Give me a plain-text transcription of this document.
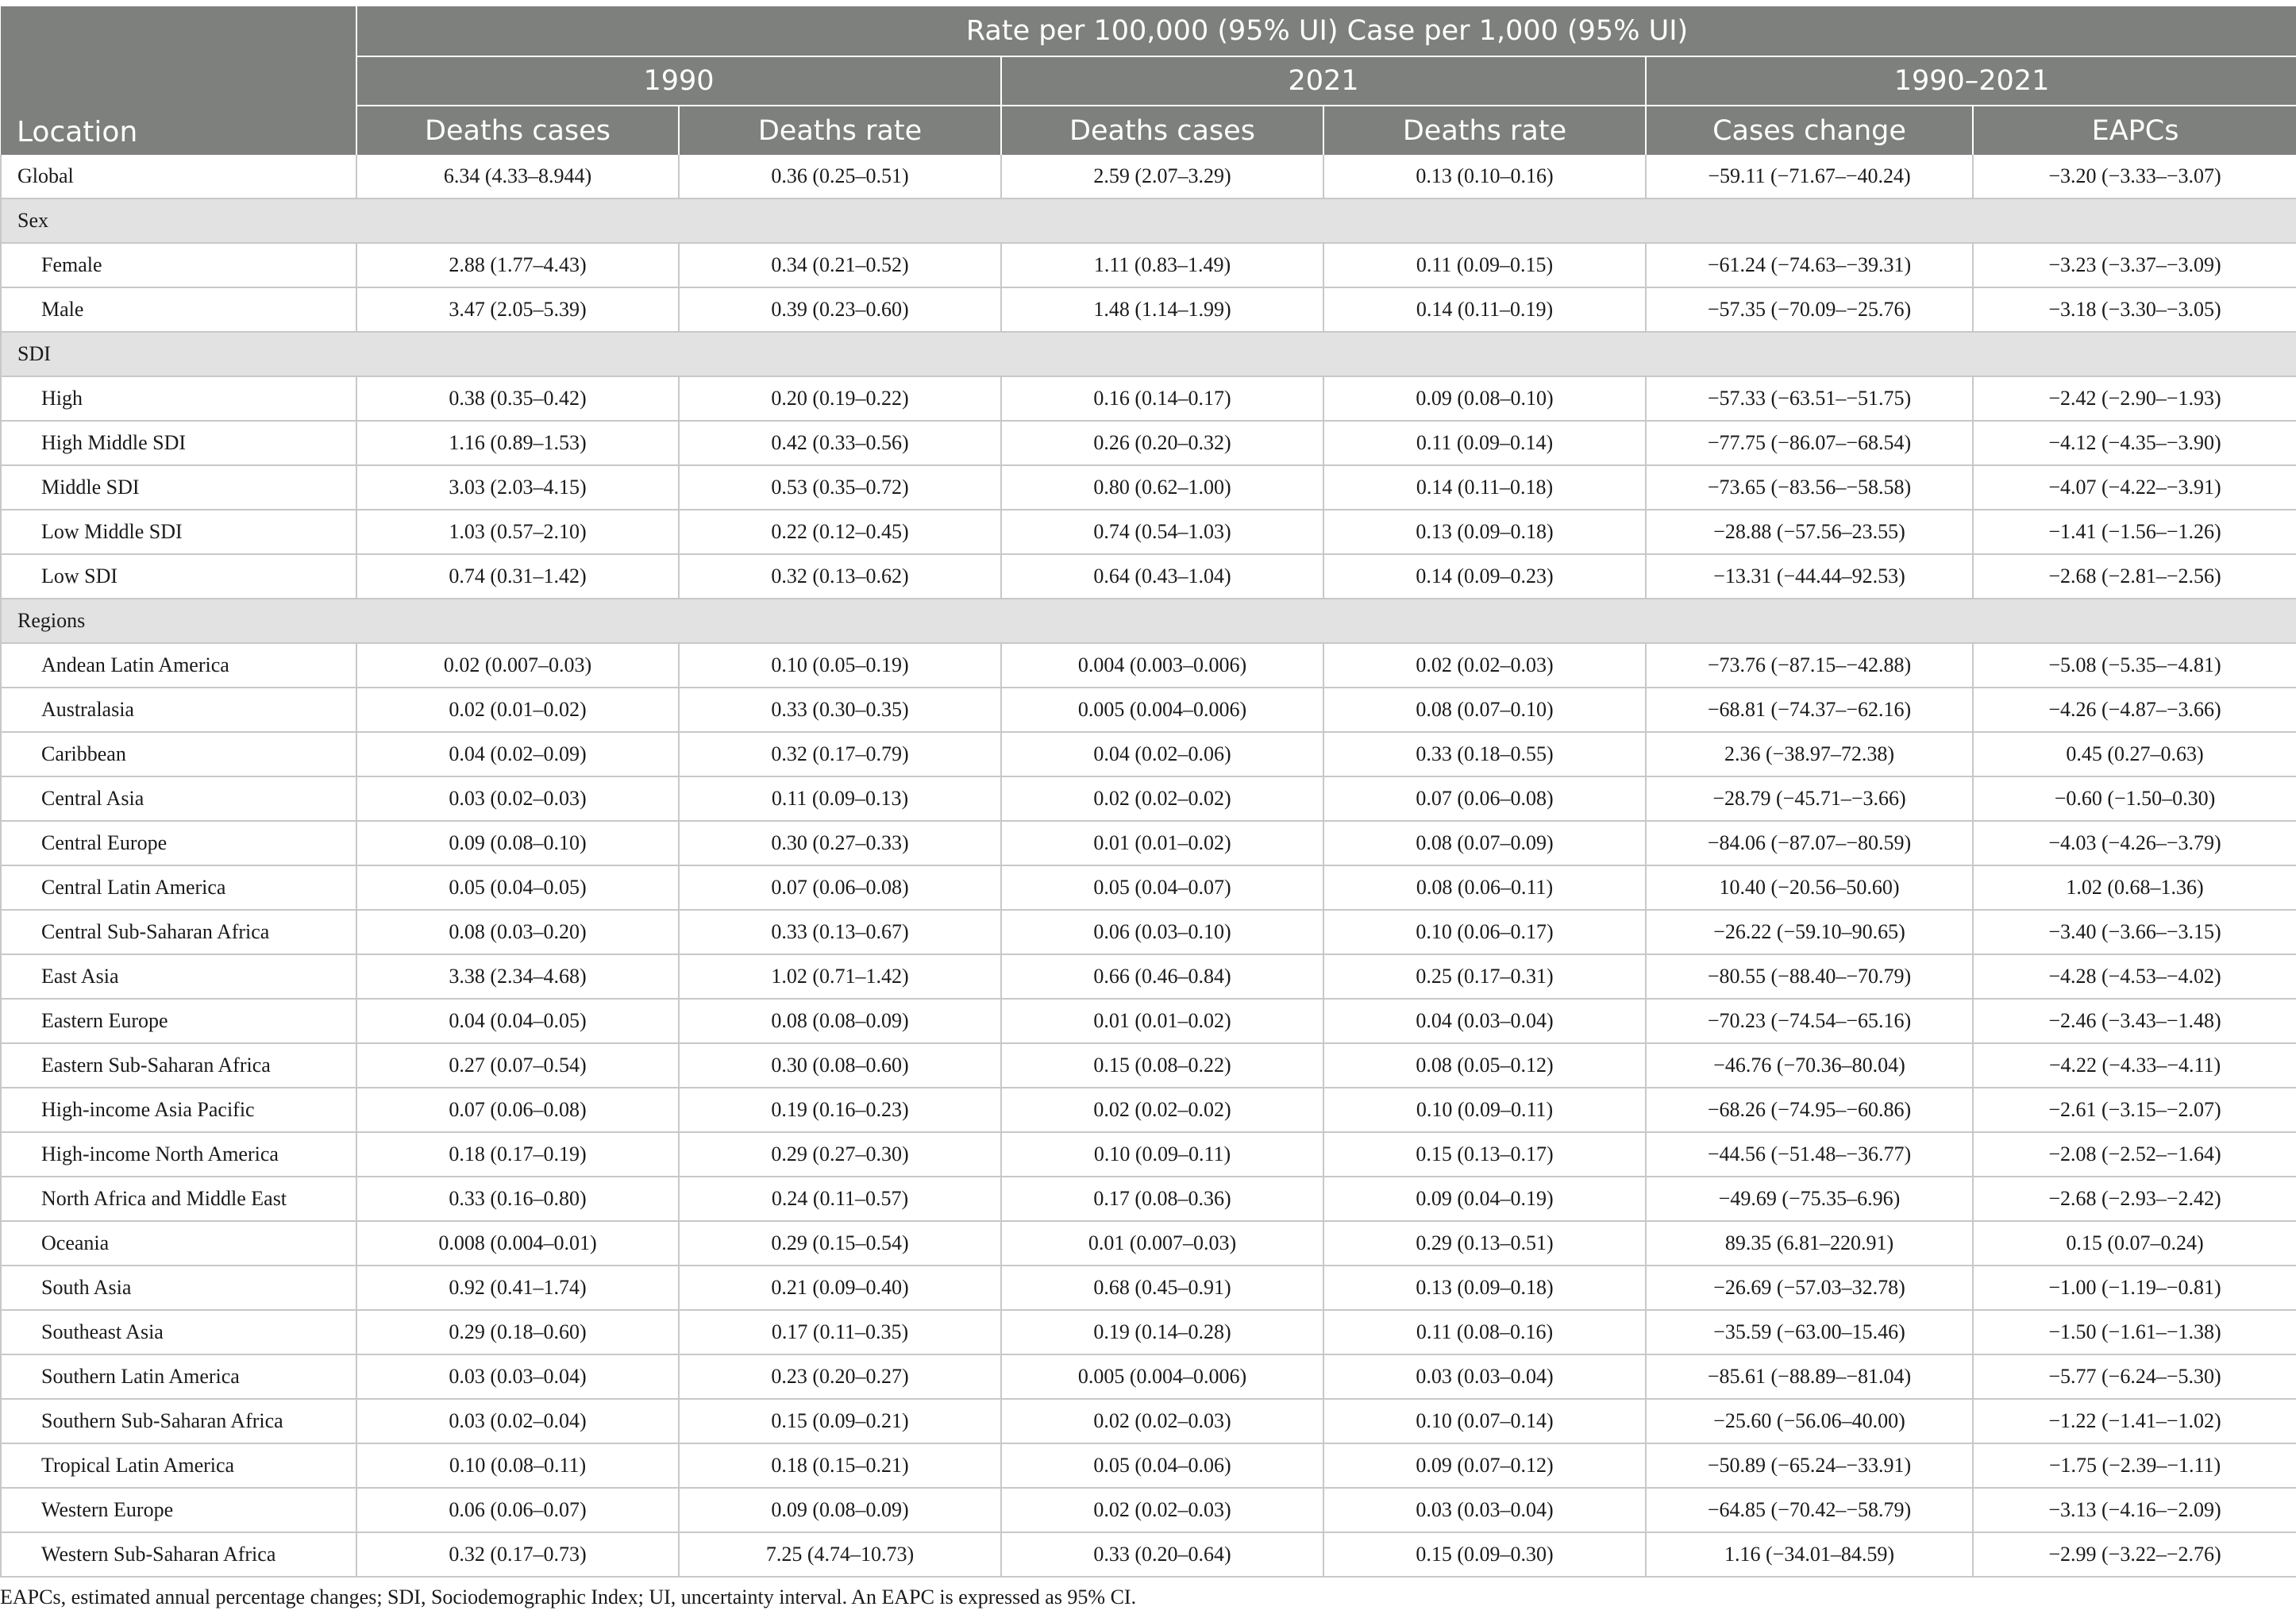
Location	Rate per 100,000 (95% UI) Case per 1,000 (95% UI)					
	1990		2021		1990–2021	
	Deaths cases	Deaths rate	Deaths cases	Deaths rate	Cases change	EAPCs
Global	6.34 (4.33–8.944)	0.36 (0.25–0.51)	2.59 (2.07–3.29)	0.13 (0.10–0.16)	−59.11 (−71.67–−40.24)	−3.20 (−3.33–−3.07)
Sex						
Female	2.88 (1.77–4.43)	0.34 (0.21–0.52)	1.11 (0.83–1.49)	0.11 (0.09–0.15)	−61.24 (−74.63–−39.31)	−3.23 (−3.37–−3.09)
Male	3.47 (2.05–5.39)	0.39 (0.23–0.60)	1.48 (1.14–1.99)	0.14 (0.11–0.19)	−57.35 (−70.09–−25.76)	−3.18 (−3.30–−3.05)
SDI						
High	0.38 (0.35–0.42)	0.20 (0.19–0.22)	0.16 (0.14–0.17)	0.09 (0.08–0.10)	−57.33 (−63.51–−51.75)	−2.42 (−2.90–−1.93)
High Middle SDI	1.16 (0.89–1.53)	0.42 (0.33–0.56)	0.26 (0.20–0.32)	0.11 (0.09–0.14)	−77.75 (−86.07–−68.54)	−4.12 (−4.35–−3.90)
Middle SDI	3.03 (2.03–4.15)	0.53 (0.35–0.72)	0.80 (0.62–1.00)	0.14 (0.11–0.18)	−73.65 (−83.56–−58.58)	−4.07 (−4.22–−3.91)
Low Middle SDI	1.03 (0.57–2.10)	0.22 (0.12–0.45)	0.74 (0.54–1.03)	0.13 (0.09–0.18)	−28.88 (−57.56–23.55)	−1.41 (−1.56–−1.26)
Low SDI	0.74 (0.31–1.42)	0.32 (0.13–0.62)	0.64 (0.43–1.04)	0.14 (0.09–0.23)	−13.31 (−44.44–92.53)	−2.68 (−2.81–−2.56)
Regions						
Andean Latin America	0.02 (0.007–0.03)	0.10 (0.05–0.19)	0.004 (0.003–0.006)	0.02 (0.02–0.03)	−73.76 (−87.15–−42.88)	−5.08 (−5.35–−4.81)
Australasia	0.02 (0.01–0.02)	0.33 (0.30–0.35)	0.005 (0.004–0.006)	0.08 (0.07–0.10)	−68.81 (−74.37–−62.16)	−4.26 (−4.87–−3.66)
Caribbean	0.04 (0.02–0.09)	0.32 (0.17–0.79)	0.04 (0.02–0.06)	0.33 (0.18–0.55)	2.36 (−38.97–72.38)	0.45 (0.27–0.63)
Central Asia	0.03 (0.02–0.03)	0.11 (0.09–0.13)	0.02 (0.02–0.02)	0.07 (0.06–0.08)	−28.79 (−45.71–−3.66)	−0.60 (−1.50–0.30)
Central Europe	0.09 (0.08–0.10)	0.30 (0.27–0.33)	0.01 (0.01–0.02)	0.08 (0.07–0.09)	−84.06 (−87.07–−80.59)	−4.03 (−4.26–−3.79)
Central Latin America	0.05 (0.04–0.05)	0.07 (0.06–0.08)	0.05 (0.04–0.07)	0.08 (0.06–0.11)	10.40 (−20.56–50.60)	1.02 (0.68–1.36)
Central Sub-Saharan Africa	0.08 (0.03–0.20)	0.33 (0.13–0.67)	0.06 (0.03–0.10)	0.10 (0.06–0.17)	−26.22 (−59.10–90.65)	−3.40 (−3.66–−3.15)
East Asia	3.38 (2.34–4.68)	1.02 (0.71–1.42)	0.66 (0.46–0.84)	0.25 (0.17–0.31)	−80.55 (−88.40–−70.79)	−4.28 (−4.53–−4.02)
Eastern Europe	0.04 (0.04–0.05)	0.08 (0.08–0.09)	0.01 (0.01–0.02)	0.04 (0.03–0.04)	−70.23 (−74.54–−65.16)	−2.46 (−3.43–−1.48)
Eastern Sub-Saharan Africa	0.27 (0.07–0.54)	0.30 (0.08–0.60)	0.15 (0.08–0.22)	0.08 (0.05–0.12)	−46.76 (−70.36–80.04)	−4.22 (−4.33–−4.11)
High-income Asia Pacific	0.07 (0.06–0.08)	0.19 (0.16–0.23)	0.02 (0.02–0.02)	0.10 (0.09–0.11)	−68.26 (−74.95–−60.86)	−2.61 (−3.15–−2.07)
High-income North America	0.18 (0.17–0.19)	0.29 (0.27–0.30)	0.10 (0.09–0.11)	0.15 (0.13–0.17)	−44.56 (−51.48–−36.77)	−2.08 (−2.52–−1.64)
North Africa and Middle East	0.33 (0.16–0.80)	0.24 (0.11–0.57)	0.17 (0.08–0.36)	0.09 (0.04–0.19)	−49.69 (−75.35–6.96)	−2.68 (−2.93–−2.42)
Oceania	0.008 (0.004–0.01)	0.29 (0.15–0.54)	0.01 (0.007–0.03)	0.29 (0.13–0.51)	89.35 (6.81–220.91)	0.15 (0.07–0.24)
South Asia	0.92 (0.41–1.74)	0.21 (0.09–0.40)	0.68 (0.45–0.91)	0.13 (0.09–0.18)	−26.69 (−57.03–32.78)	−1.00 (−1.19–−0.81)
Southeast Asia	0.29 (0.18–0.60)	0.17 (0.11–0.35)	0.19 (0.14–0.28)	0.11 (0.08–0.16)	−35.59 (−63.00–15.46)	−1.50 (−1.61–−1.38)
Southern Latin America	0.03 (0.03–0.04)	0.23 (0.20–0.27)	0.005 (0.004–0.006)	0.03 (0.03–0.04)	−85.61 (−88.89–−81.04)	−5.77 (−6.24–−5.30)
Southern Sub-Saharan Africa	0.03 (0.02–0.04)	0.15 (0.09–0.21)	0.02 (0.02–0.03)	0.10 (0.07–0.14)	−25.60 (−56.06–40.00)	−1.22 (−1.41–−1.02)
Tropical Latin America	0.10 (0.08–0.11)	0.18 (0.15–0.21)	0.05 (0.04–0.06)	0.09 (0.07–0.12)	−50.89 (−65.24–−33.91)	−1.75 (−2.39–−1.11)
Western Europe	0.06 (0.06–0.07)	0.09 (0.08–0.09)	0.02 (0.02–0.03)	0.03 (0.03–0.04)	−64.85 (−70.42–−58.79)	−3.13 (−4.16–−2.09)
Western Sub-Saharan Africa	0.32 (0.17–0.73)	7.25 (4.74–10.73)	0.33 (0.20–0.64)	0.15 (0.09–0.30)	1.16 (−34.01–84.59)	−2.99 (−3.22–−2.76)
EAPCs, estimated annual percentage changes; SDI, Sociodemographic Index; UI, uncertainty interval. An EAPC is expressed as 95% CI.
